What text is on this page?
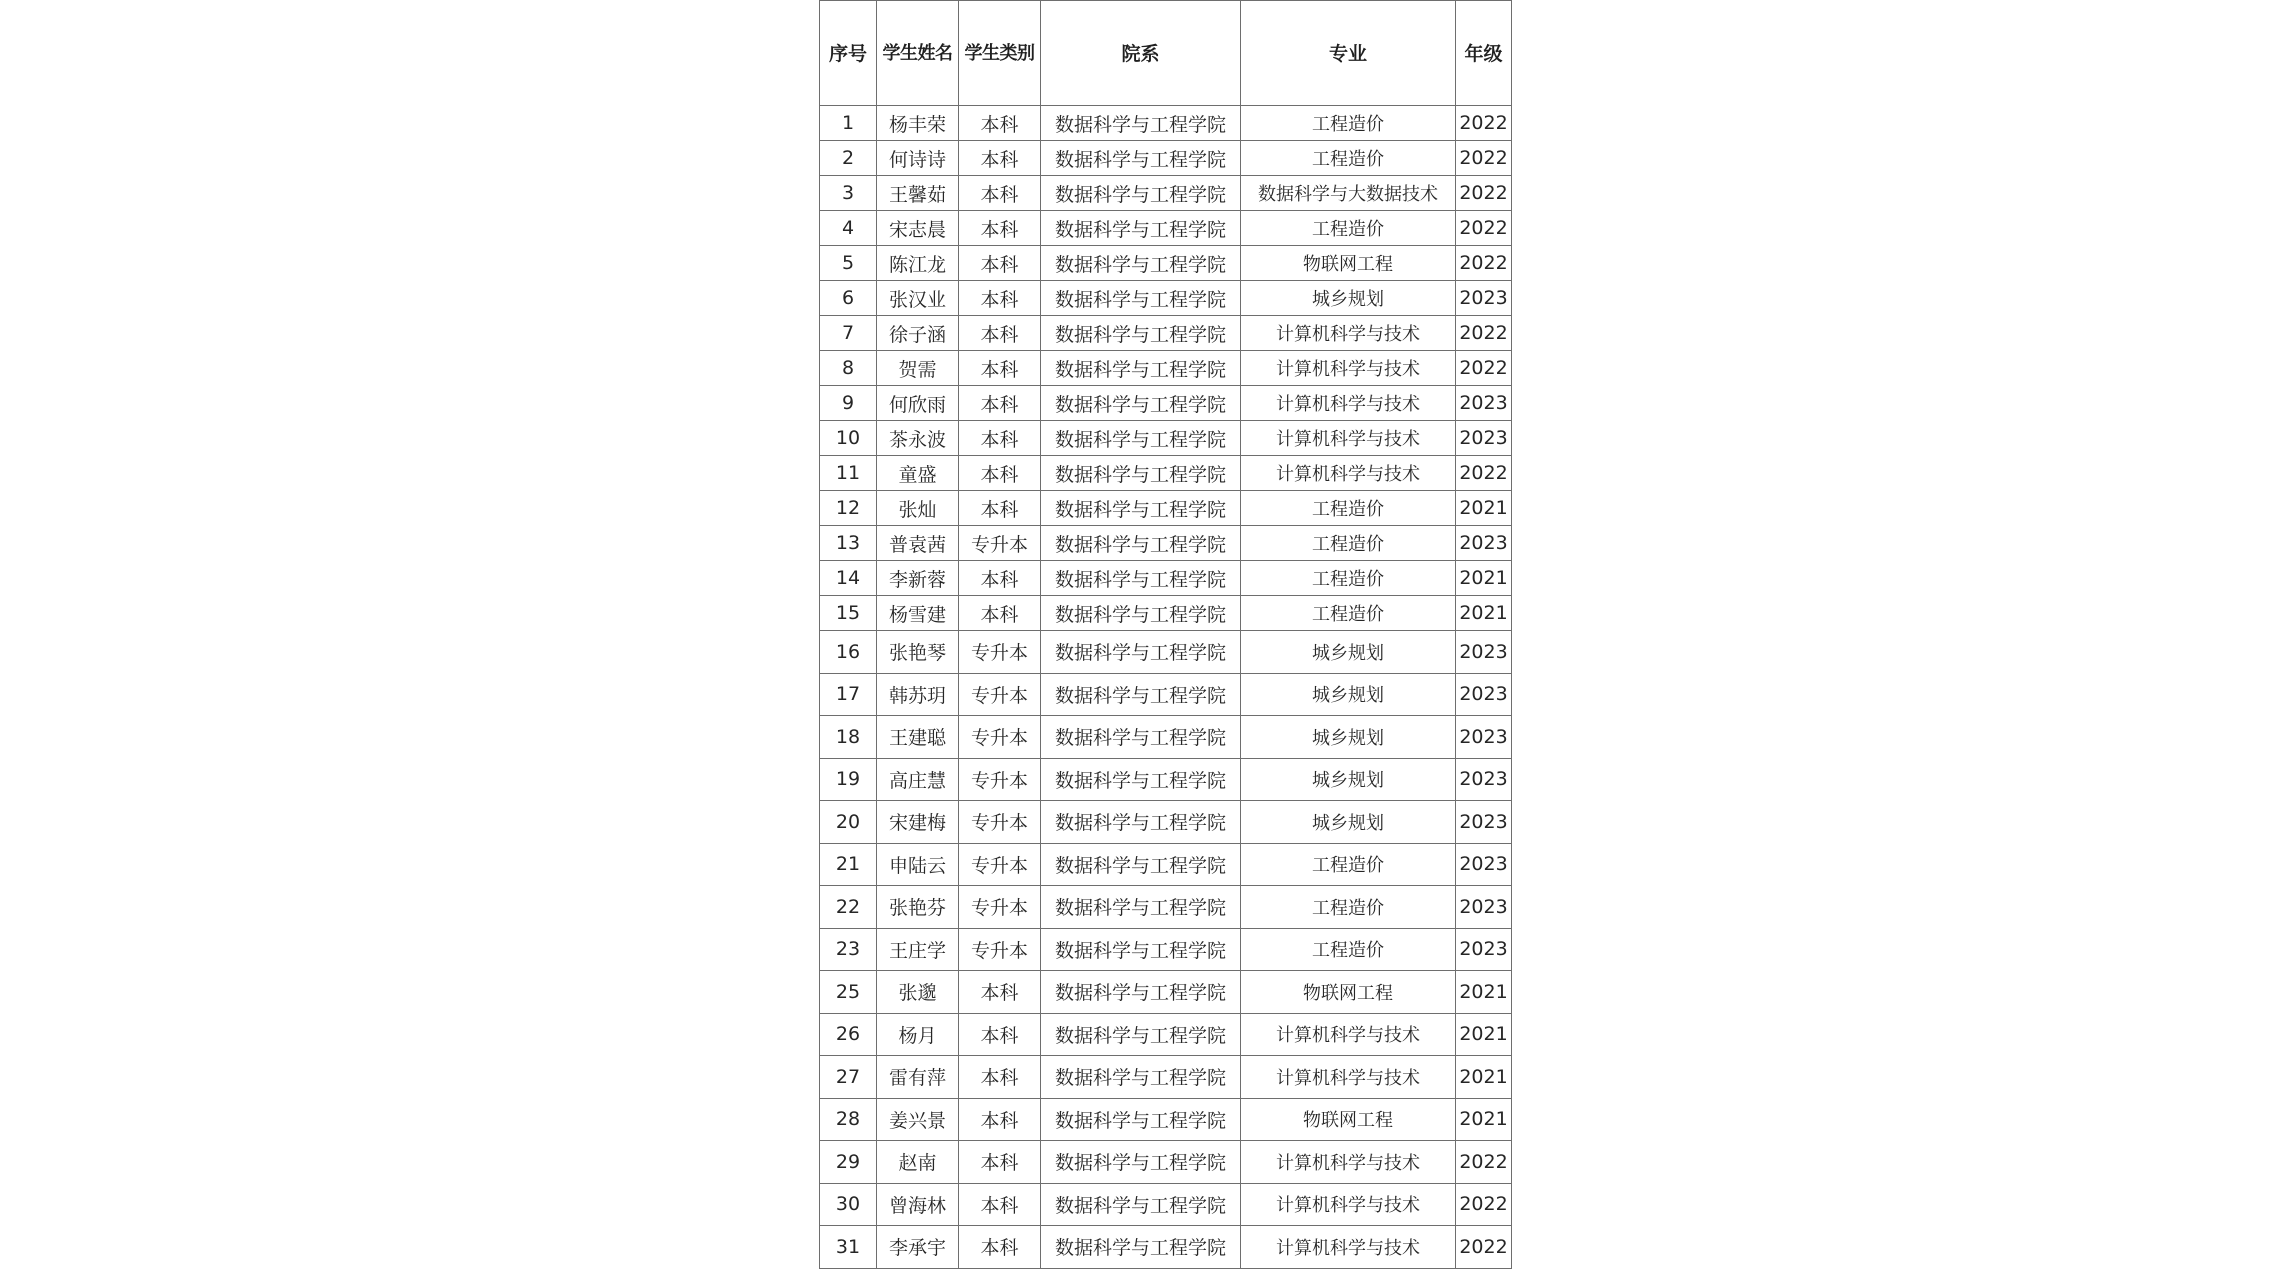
序号	学生姓名	学生类别	院系	专业	年级
1	杨丰荣	本科	数据科学与工程学院	工程造价	2022
2	何诗诗	本科	数据科学与工程学院	工程造价	2022
3	王馨茹	本科	数据科学与工程学院	数据科学与大数据技术	2022
4	宋志晨	本科	数据科学与工程学院	工程造价	2022
5	陈江龙	本科	数据科学与工程学院	物联网工程	2022
6	张汉业	本科	数据科学与工程学院	城乡规划	2023
7	徐子涵	本科	数据科学与工程学院	计算机科学与技术	2022
8	贺需	本科	数据科学与工程学院	计算机科学与技术	2022
9	何欣雨	本科	数据科学与工程学院	计算机科学与技术	2023
10	茶永波	本科	数据科学与工程学院	计算机科学与技术	2023
11	童盛	本科	数据科学与工程学院	计算机科学与技术	2022
12	张灿	本科	数据科学与工程学院	工程造价	2021
13	普袁茜	专升本	数据科学与工程学院	工程造价	2023
14	李新蓉	本科	数据科学与工程学院	工程造价	2021
15	杨雪建	本科	数据科学与工程学院	工程造价	2021
16	张艳琴	专升本	数据科学与工程学院	城乡规划	2023
17	韩苏玥	专升本	数据科学与工程学院	城乡规划	2023
18	王建聪	专升本	数据科学与工程学院	城乡规划	2023
19	高庄慧	专升本	数据科学与工程学院	城乡规划	2023
20	宋建梅	专升本	数据科学与工程学院	城乡规划	2023
21	申陆云	专升本	数据科学与工程学院	工程造价	2023
22	张艳芬	专升本	数据科学与工程学院	工程造价	2023
23	王庄学	专升本	数据科学与工程学院	工程造价	2023
25	张邈	本科	数据科学与工程学院	物联网工程	2021
26	杨月	本科	数据科学与工程学院	计算机科学与技术	2021
27	雷有萍	本科	数据科学与工程学院	计算机科学与技术	2021
28	姜兴景	本科	数据科学与工程学院	物联网工程	2021
29	赵南	本科	数据科学与工程学院	计算机科学与技术	2022
30	曾海林	本科	数据科学与工程学院	计算机科学与技术	2022
31	李承宇	本科	数据科学与工程学院	计算机科学与技术	2022
